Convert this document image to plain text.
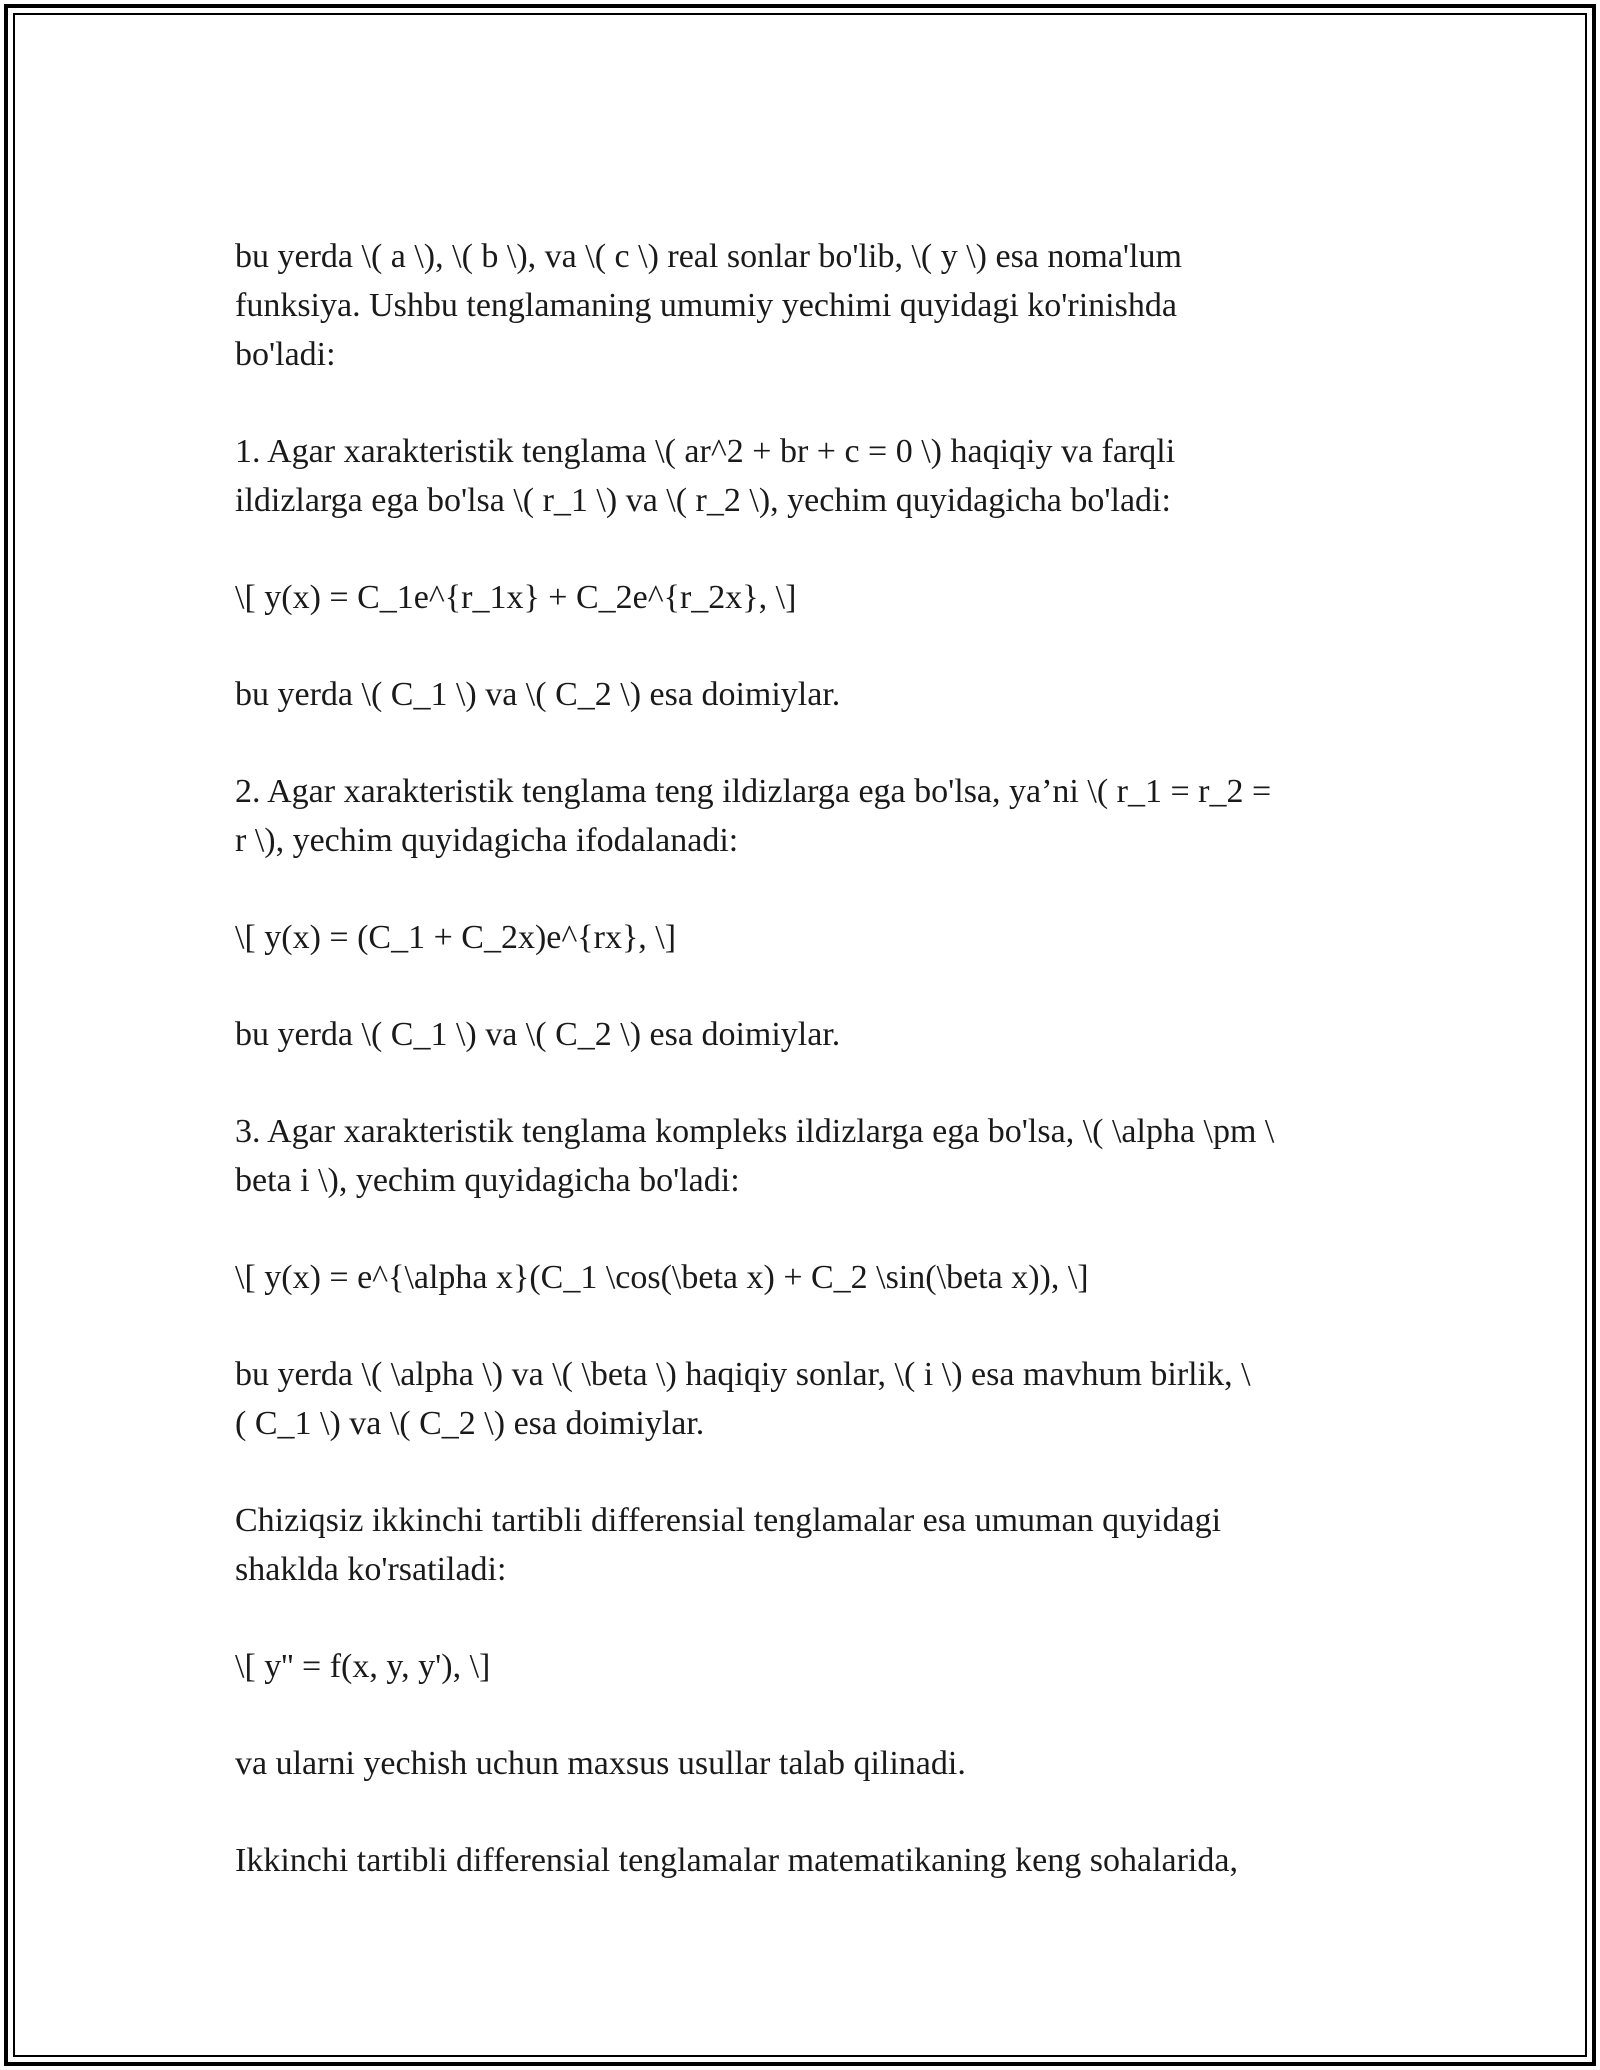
bu yerda \( a \), \( b \), va \( c \) real sonlar bo'lib, \( y \) esa noma'lum
funksiya. Ushbu tenglamaning umumiy yechimi quyidagi ko'rinishda
bo'ladi:

1. Agar xarakteristik tenglama \( ar^2 + br + c = 0 \) haqiqiy va farqli
ildizlarga ega bo'lsa \( r_1 \) va \( r_2 \), yechim quyidagicha bo'ladi:

\[ y(x) = C_1e^{r_1x} + C_2e^{r_2x}, \]

bu yerda \( C_1 \) va \( C_2 \) esa doimiylar.

2. Agar xarakteristik tenglama teng ildizlarga ega bo'lsa, ya’ni \( r_1 = r_2 =
r \), yechim quyidagicha ifodalanadi:

\[ y(x) = (C_1 + C_2x)e^{rx}, \]

bu yerda \( C_1 \) va \( C_2 \) esa doimiylar.

3. Agar xarakteristik tenglama kompleks ildizlarga ega bo'lsa, \( \alpha \pm \
beta i \), yechim quyidagicha bo'ladi:

\[ y(x) = e^{\alpha x}(C_1 \cos(\beta x) + C_2 \sin(\beta x)), \]

bu yerda \( \alpha \) va \( \beta \) haqiqiy sonlar, \( i \) esa mavhum birlik, \
( C_1 \) va \( C_2 \) esa doimiylar.

Chiziqsiz ikkinchi tartibli differensial tenglamalar esa umuman quyidagi
shaklda ko'rsatiladi:

\[ y'' = f(x, y, y'), \]

va ularni yechish uchun maxsus usullar talab qilinadi.

Ikkinchi tartibli differensial tenglamalar matematikaning keng sohalarida,
